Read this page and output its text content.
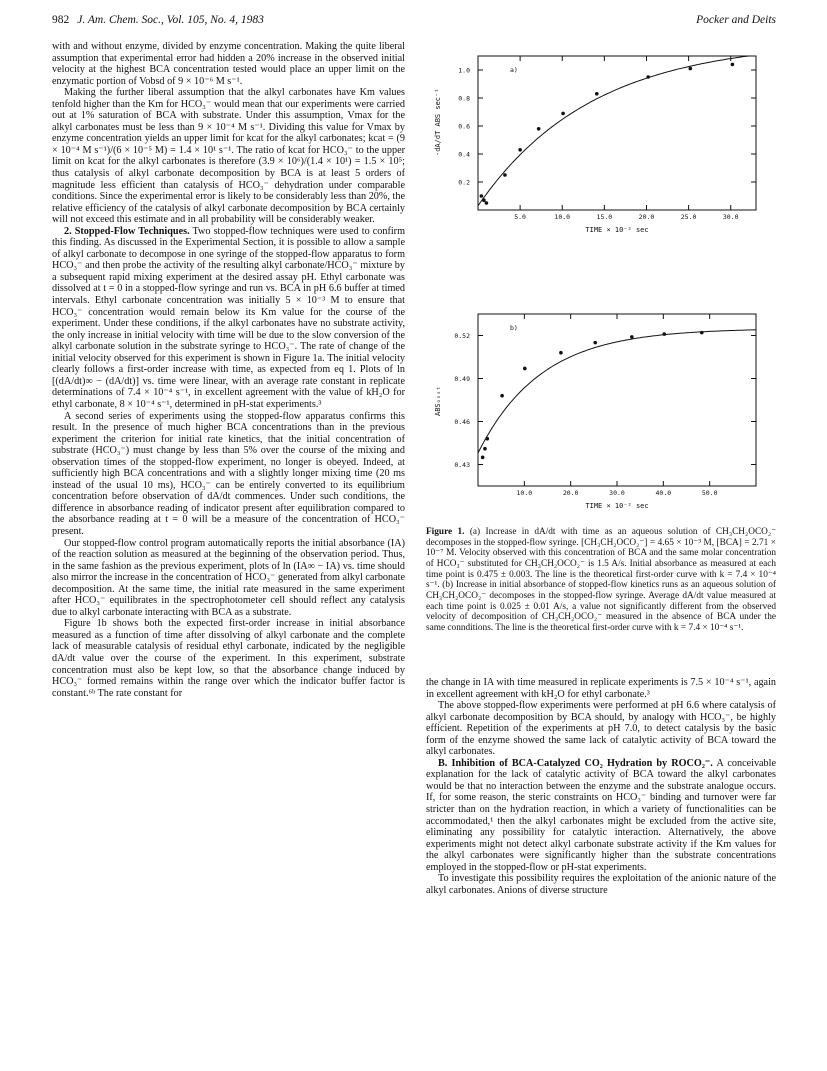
982 J. Am. Chem. Soc., Vol. 105, No. 4, 1983	Pocker and Deits

with and without enzyme, divided by enzyme concentration. Making the quite liberal assumption that experimental error had hidden a 20% increase in the observed initial velocity at the highest BCA concentration tested would place an upper limit on the enzymatic portion of Vobsd of 9 × 10⁻⁶ M s⁻¹.

Making the further liberal assumption that the alkyl carbonates have Km values tenfold higher than the Km for HCO₃⁻ would mean that our experiments were carried out at 1% saturation of BCA with substrate. Under this assumption, Vmax for the alkyl carbonates must be less than 9 × 10⁻⁴ M s⁻¹. Dividing this value for Vmax by enzyme concentration yields an upper limit for kcat for the alkyl carbonates; kcat = (9 × 10⁻⁴ M s⁻¹)/(6 × 10⁻⁵ M) = 1.4 × 10¹ s⁻¹. The ratio of kcat for HCO₃⁻ to the upper limit on kcat for the alkyl carbonates is therefore (3.9 × 10⁶)/(1.4 × 10¹) = 1.5 × 10⁵; thus catalysis of alkyl carbonate decomposition by BCA is at least 5 orders of magnitude less efficient than catalysis of HCO₃⁻ dehydration under comparable conditions. Since the experimental error is likely to be considerably less than 20%, the relative efficiency of the catalysis of alkyl carbonate decomposition by BCA certainly will not exceed this estimate and in all probability will be considerably weaker.

2. Stopped-Flow Techniques. Two stopped-flow techniques were used to confirm this finding. As discussed in the Experimental Section, it is possible to allow a sample of alkyl carbonate to decompose in one syringe of the stopped-flow apparatus to form HCO₃⁻ and then probe the activity of the resulting alkyl carbonate/HCO₃⁻ mixture by a subsequent rapid mixing experiment at the desired assay pH. Ethyl carbonate was dissolved at t = 0 in a stopped-flow syringe and run vs. BCA in pH 6.6 buffer at timed intervals. Ethyl carbonate concentration was initially 5 × 10⁻³ M to ensure that HCO₃⁻ concentration would remain below its Km value for the course of the experiment. Under these conditions, if the alkyl carbonates have no substrate activity, the only increase in initial velocity with time will be due to the slow conversion of the alkyl carbonate solution in the substrate syringe to HCO₃⁻. The rate of change of the initial velocity observed for this experiment is shown in Figure 1a. The initial velocity clearly follows a first-order increase with time, as expected from eq 1. Plots of ln [(dA/dt)∞ − (dA/dt)] vs. time were linear, with an average rate constant in replicate determinations of 7.4 × 10⁻⁴ s⁻¹, in excellent agreement with the value of kH₂O for ethyl carbonate, 8 × 10⁻⁴ s⁻¹, determined in pH-stat experiments.³

A second series of experiments using the stopped-flow apparatus confirms this result. In the presence of much higher BCA concentrations than in the previous experiment the criterion for initial rate kinetics, that the initial concentration of substrate (HCO₃⁻) must change by less than 5% over the course of the mixing and observation times of the stopped-flow experiment, no longer is obeyed. Indeed, at sufficiently high BCA concentrations and with a slightly longer mixing time (20 ms instead of the usual 10 ms), HCO₃⁻ can be entirely converted to its equilibrium concentration before observation of dA/dt commences. Under such conditions, the difference in absorbance reading of indicator present after equilibration compared to the absorbance reading at t = 0 will be a measure of the concentration of HCO₃⁻ present.

Our stopped-flow control program automatically reports the initial absorbance (IA) of the reaction solution as measured at the beginning of the observation period. Thus, in the same fashion as the previous experiment, plots of ln (IA∞ − IA) vs. time should also mirror the increase in the concentration of HCO₃⁻ generated from alkyl carbonate decomposition. At the same time, the initial rate measured in the same experiment after HCO₃⁻ equilibrates in the spectrophotometer cell should reflect any catalysis due to alkyl carbonate interacting with BCA as a substrate.

Figure 1b shows both the expected first-order increase in initial absorbance measured as a function of time after dissolving of alkyl carbonate and the complete lack of measurable catalysis of residual ethyl carbonate, indicated by the negligible dA/dt value over the course of the experiment. In this experiment, substrate concentration must also be kept low, so that the absorbance change induced by HCO₃⁻ formed remains within the range over which the indicator buffer factor is constant.⁶ᵇ The rate constant for

a)
-dA/dT ABS sec⁻¹
TIME × 10⁻² sec
0.2
0.4
0.6
0.8
1.0
5.0	10.0	15.0	20.0	25.0	30.0
b)
ABSₒₙₛₜ
TIME × 10⁻² sec
0.43
0.46
0.49
0.52
10.0	20.0	30.0	40.0	50.0

Figure 1. (a) Increase in dA/dt with time as an aqueous solution of CH₃CH₂OCO₂⁻ decomposes in the stopped-flow syringe. [CH₃CH₂OCO₂⁻] = 4.65 × 10⁻³ M, [BCA] = 2.71 × 10⁻⁷ M. Velocity observed with this concentration of BCA and the same molar concentration of HCO₃⁻ substituted for CH₃CH₂OCO₂⁻ is 1.5 A/s. Initial absorbance as measured at each time point is 0.475 ± 0.003. The line is the theoretical first-order curve with k = 7.4 × 10⁻⁴ s⁻¹. (b) Increase in initial absorbance of stopped-flow kinetics runs as an aqueous solution of CH₃CH₂OCO₂⁻ decomposes in the stopped-flow syringe. Average dA/dt value measured at each time point is 0.025 ± 0.01 A/s, a value not significantly different from the observed velocity of decomposition of CH₃CH₂OCO₂⁻ measured in the absence of BCA under the same connditions. The line is the theoretical first-order curve with k = 7.4 × 10⁻⁴ s⁻¹.

the change in IA with time measured in replicate experiments is 7.5 × 10⁻⁴ s⁻¹, again in excellent agreement with kH₂O for ethyl carbonate.³

The above stopped-flow experiments were performed at pH 6.6 where catalysis of alkyl carbonate decomposition by BCA should, by analogy with HCO₃⁻, be highly efficient. Repetition of the experiments at pH 7.0, to detect catalysis by the basic form of the enzyme showed the same lack of catalytic activity of BCA toward the alkyl carbonates.

B. Inhibition of BCA-Catalyzed CO₂ Hydration by ROCO₂⁻. A conceivable explanation for the lack of catalytic activity of BCA toward the alkyl carbonates would be that no interaction between the enzyme and the substrate analogue occurs. If, for some reason, the steric constraints on HCO₃⁻ binding and turnover were far stricter than on the hydration reaction, in which a variety of functionalities can be accommodated,¹ then the alkyl carbonates might be excluded from the active site, eliminating any possibility for catalytic interaction. Alternatively, the above experiments might not detect alkyl carbonate substrate activity if the Km values for the alkyl carbonates were significantly higher than the substrate concentrations employed in the stopped-flow or pH-stat experiments.

To investigate this possibility requires the exploitation of the anionic nature of the alkyl carbonates. Anions of diverse structure
